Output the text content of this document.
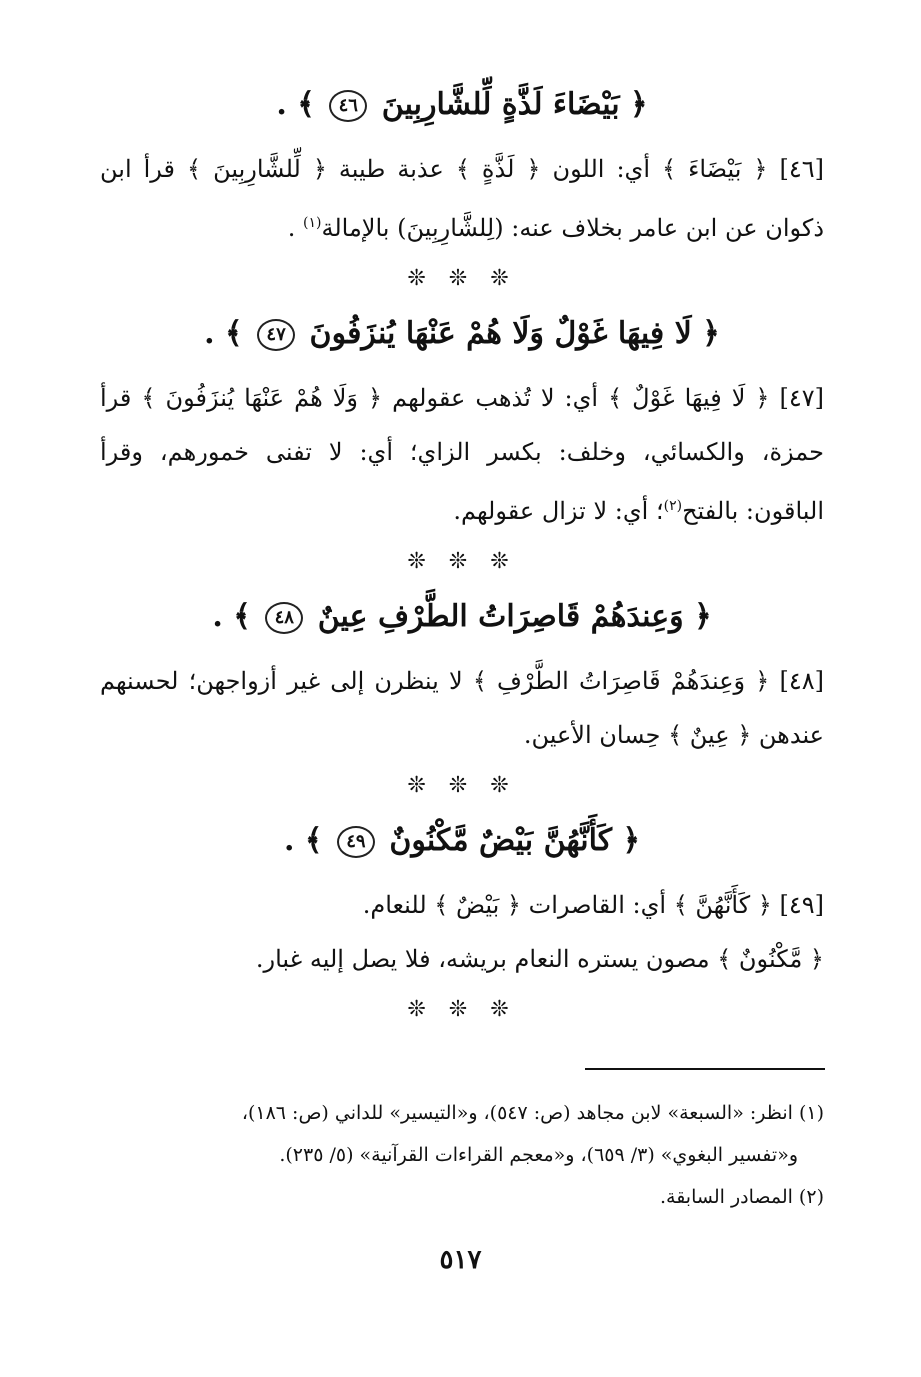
﴿ بَيْضَاءَ لَذَّةٍ لِّلشَّارِبِينَ ٤٦ ﴾ .

[٤٦] ﴿ بَيْضَاءَ ﴾ أي: اللون ﴿ لَذَّةٍ ﴾ عذبة طيبة ﴿ لِّلشَّارِبِينَ ﴾ قرأ ابن ذكوان عن ابن عامر بخلاف عنه: (لِلشَّارِبِينَ) بالإمالة$^{(١)}$ .

❊ ❊ ❊
﴿ لَا فِيهَا غَوْلٌ وَلَا هُمْ عَنْهَا يُنزَفُونَ ٤٧ ﴾ .

[٤٧] ﴿ لَا فِيهَا غَوْلٌ ﴾ أي: لا تُذهب عقولهم ﴿ وَلَا هُمْ عَنْهَا يُنزَفُونَ ﴾ قرأ حمزة، والكسائي، وخلف: بكسر الزاي؛ أي: لا تفنى خمورهم، وقرأ الباقون: بالفتح$^{(٢)}$؛ أي: لا تزال عقولهم.

❊ ❊ ❊
﴿ وَعِندَهُمْ قَاصِرَاتُ الطَّرْفِ عِينٌ ٤٨ ﴾ .

[٤٨] ﴿ وَعِندَهُمْ قَاصِرَاتُ الطَّرْفِ ﴾ لا ينظرن إلى غير أزواجهن؛ لحسنهم عندهن ﴿ عِينٌ ﴾ حِسان الأعين.

❊ ❊ ❊
﴿ كَأَنَّهُنَّ بَيْضٌ مَّكْنُونٌ ٤٩ ﴾ .

[٤٩] ﴿ كَأَنَّهُنَّ ﴾ أي: القاصرات ﴿ بَيْضٌ ﴾ للنعام.

﴿ مَّكْنُونٌ ﴾ مصون يستره النعام بريشه، فلا يصل إليه غبار.

❊ ❊ ❊

(١) انظر: «السبعة» لابن مجاهد (ص: ٥٤٧)، و«التيسير» للداني (ص: ١٨٦)،

و«تفسير البغوي» (٣/ ٦٥٩)، و«معجم القراءات القرآنية» (٥/ ٢٣٥).

(٢) المصادر السابقة.

٥١٧
